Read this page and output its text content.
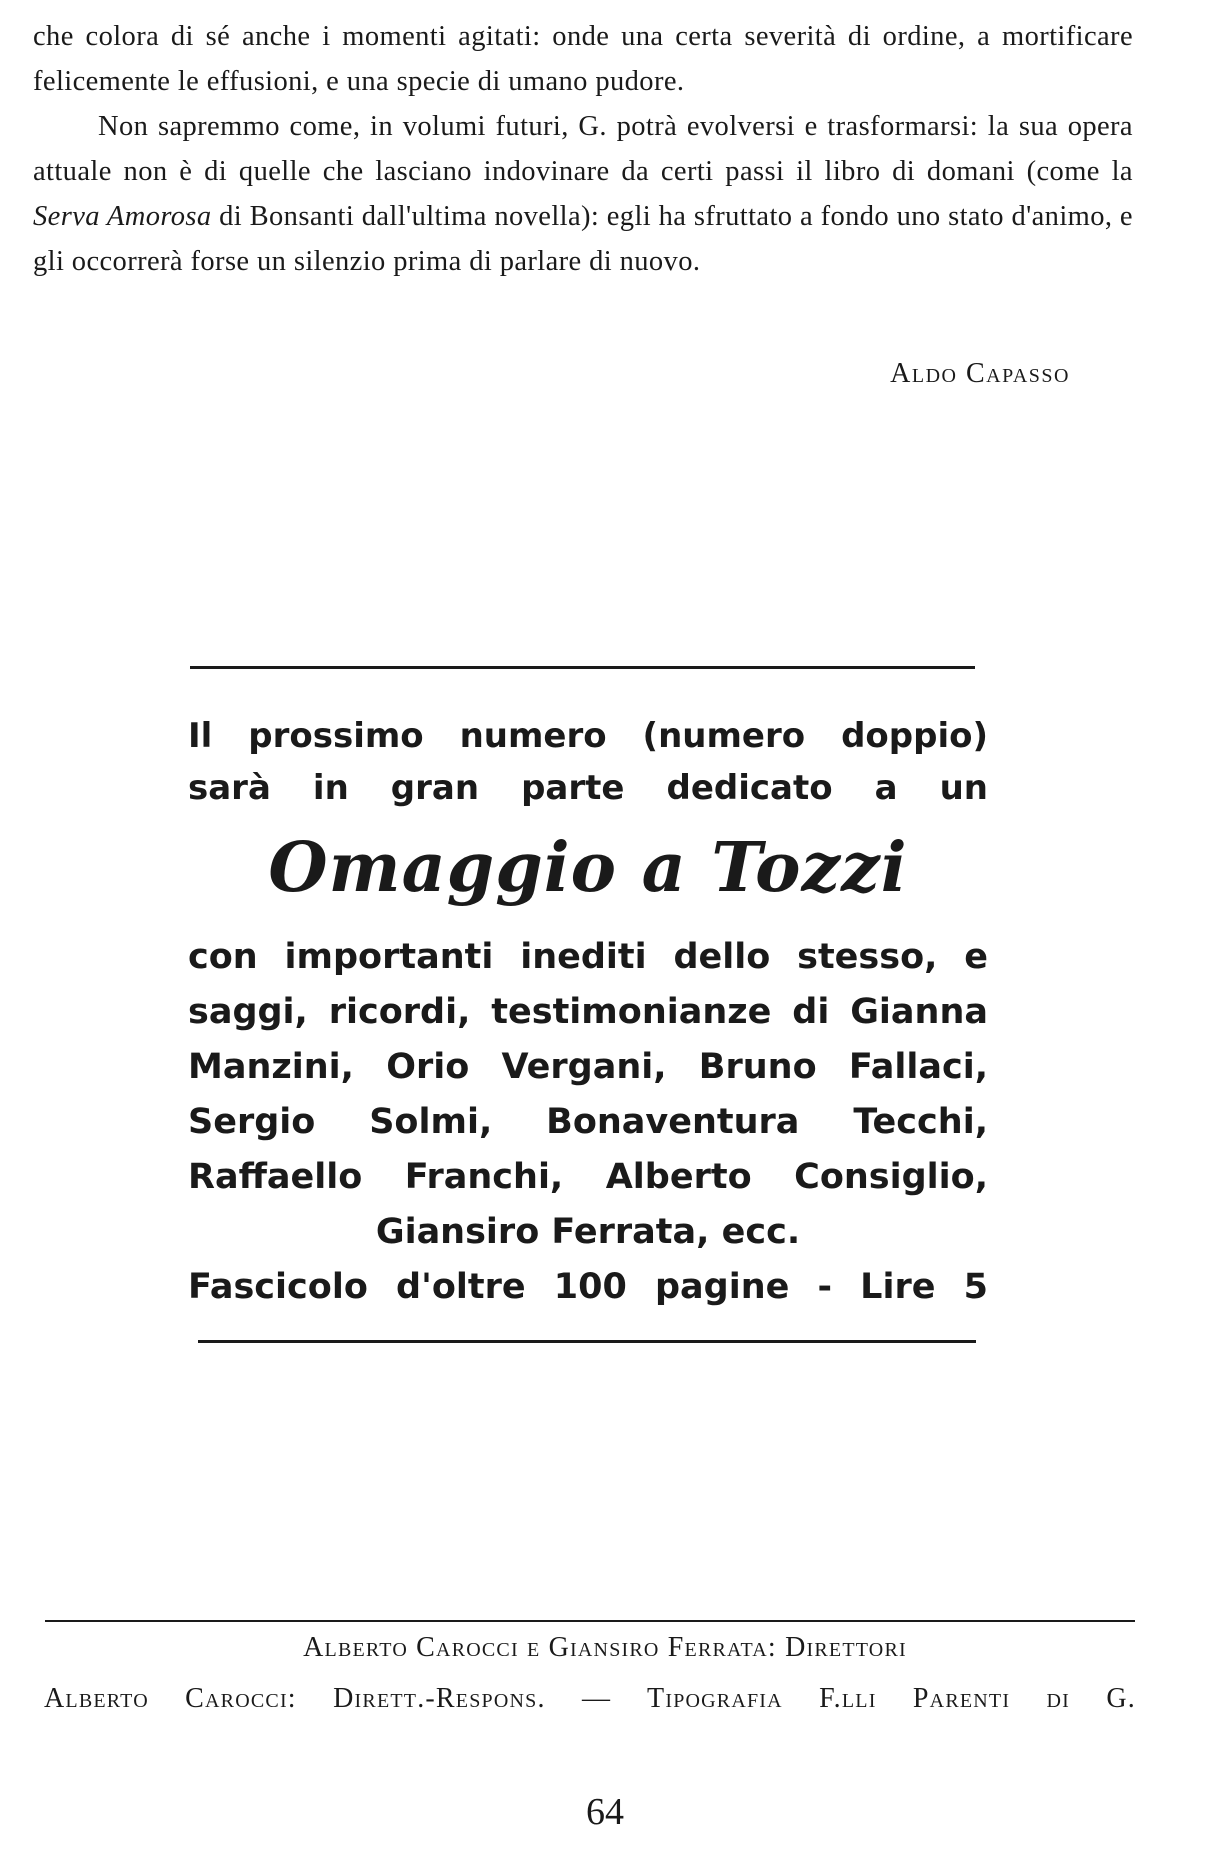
che colora di sé anche i momenti agitati: onde una certa severità di ordine, a mortificare felicemente le effusioni, e una specie di umano pudore.

Non sapremmo come, in volumi futuri, G. potrà evolversi e trasformarsi: la sua opera attuale non è di quelle che lasciano indovinare da certi passi il libro di domani (come la Serva Amorosa di Bonsanti dall'ultima novella): egli ha sfruttato a fondo uno stato d'animo, e gli occorrerà forse un silenzio prima di parlare di nuovo.

Aldo Capasso
Il prossimo numero (numero doppio)
sarà in gran parte dedicato a un
Omaggio a Tozzi
con importanti inediti dello stesso, e
saggi, ricordi, testimonianze di Gianna
Manzini, Orio Vergani, Bruno Fallaci,
Sergio Solmi, Bonaventura Tecchi,
Raffaello Franchi, Alberto Consiglio,
Giansiro Ferrata, ecc.
Fascicolo d'oltre 100 pagine - Lire 5
Alberto Carocci e Giansiro Ferrata: Direttori
Alberto Carocci: Dirett.-Respons. — Tipografia F.lli Parenti di G.
64
